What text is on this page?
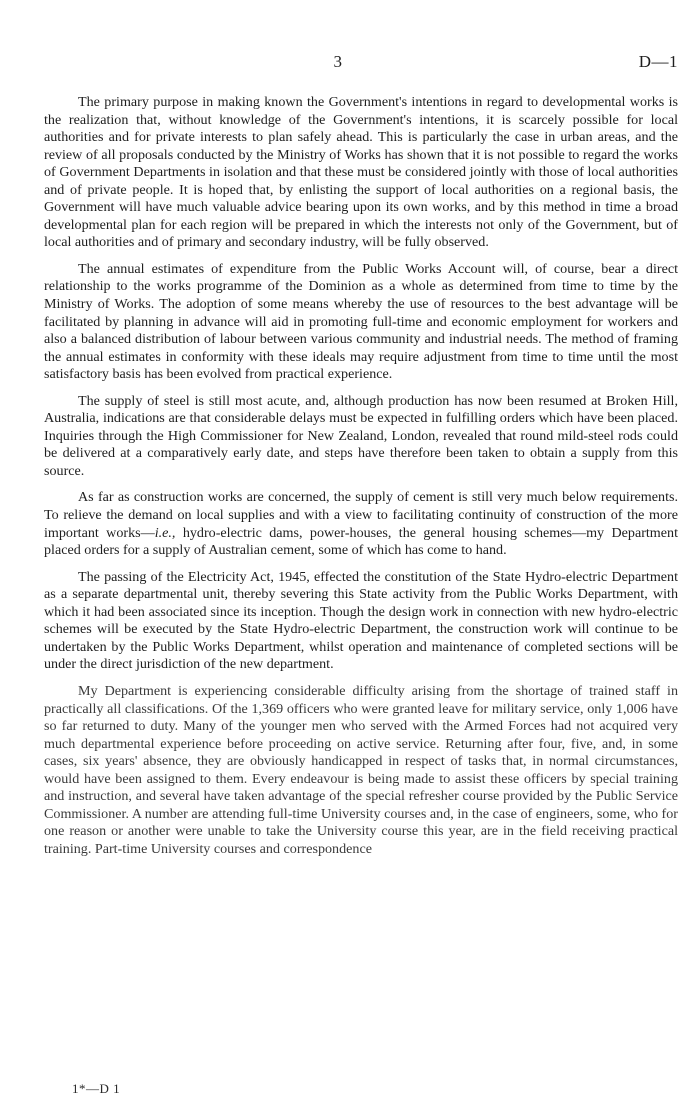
3	D—1

The primary purpose in making known the Government's intentions in regard to developmental works is the realization that, without knowledge of the Government's intentions, it is scarcely possible for local authorities and for private interests to plan safely ahead. This is particularly the case in urban areas, and the review of all proposals conducted by the Ministry of Works has shown that it is not possible to regard the works of Government Departments in isolation and that these must be considered jointly with those of local authorities and of private people. It is hoped that, by enlisting the support of local authorities on a regional basis, the Government will have much valuable advice bearing upon its own works, and by this method in time a broad developmental plan for each region will be prepared in which the interests not only of the Government, but of local authorities and of primary and secondary industry, will be fully observed.

The annual estimates of expenditure from the Public Works Account will, of course, bear a direct relationship to the works programme of the Dominion as a whole as determined from time to time by the Ministry of Works. The adoption of some means whereby the use of resources to the best advantage will be facilitated by planning in advance will aid in promoting full-time and economic employment for workers and also a balanced distribution of labour between various community and industrial needs. The method of framing the annual estimates in conformity with these ideals may require adjustment from time to time until the most satisfactory basis has been evolved from practical experience.

The supply of steel is still most acute, and, although production has now been resumed at Broken Hill, Australia, indications are that considerable delays must be expected in fulfilling orders which have been placed. Inquiries through the High Commissioner for New Zealand, London, revealed that round mild-steel rods could be delivered at a comparatively early date, and steps have therefore been taken to obtain a supply from this source.

As far as construction works are concerned, the supply of cement is still very much below requirements. To relieve the demand on local supplies and with a view to facilitating continuity of construction of the more important works—i.e., hydro-electric dams, power-houses, the general housing schemes—my Department placed orders for a supply of Australian cement, some of which has come to hand.

The passing of the Electricity Act, 1945, effected the constitution of the State Hydro-electric Department as a separate departmental unit, thereby severing this State activity from the Public Works Department, with which it had been associated since its inception. Though the design work in connection with new hydro-electric schemes will be executed by the State Hydro-electric Department, the construction work will continue to be undertaken by the Public Works Department, whilst operation and maintenance of completed sections will be under the direct jurisdiction of the new department.

My Department is experiencing considerable difficulty arising from the shortage of trained staff in practically all classifications. Of the 1,369 officers who were granted leave for military service, only 1,006 have so far returned to duty. Many of the younger men who served with the Armed Forces had not acquired very much departmental experience before proceeding on active service. Returning after four, five, and, in some cases, six years' absence, they are obviously handicapped in respect of tasks that, in normal circumstances, would have been assigned to them. Every endeavour is being made to assist these officers by special training and instruction, and several have taken advantage of the special refresher course provided by the Public Service Commissioner. A number are attending full-time University courses and, in the case of engineers, some, who for one reason or another were unable to take the University course this year, are in the field receiving practical training. Part-time University courses and correspondence

1*—D 1
